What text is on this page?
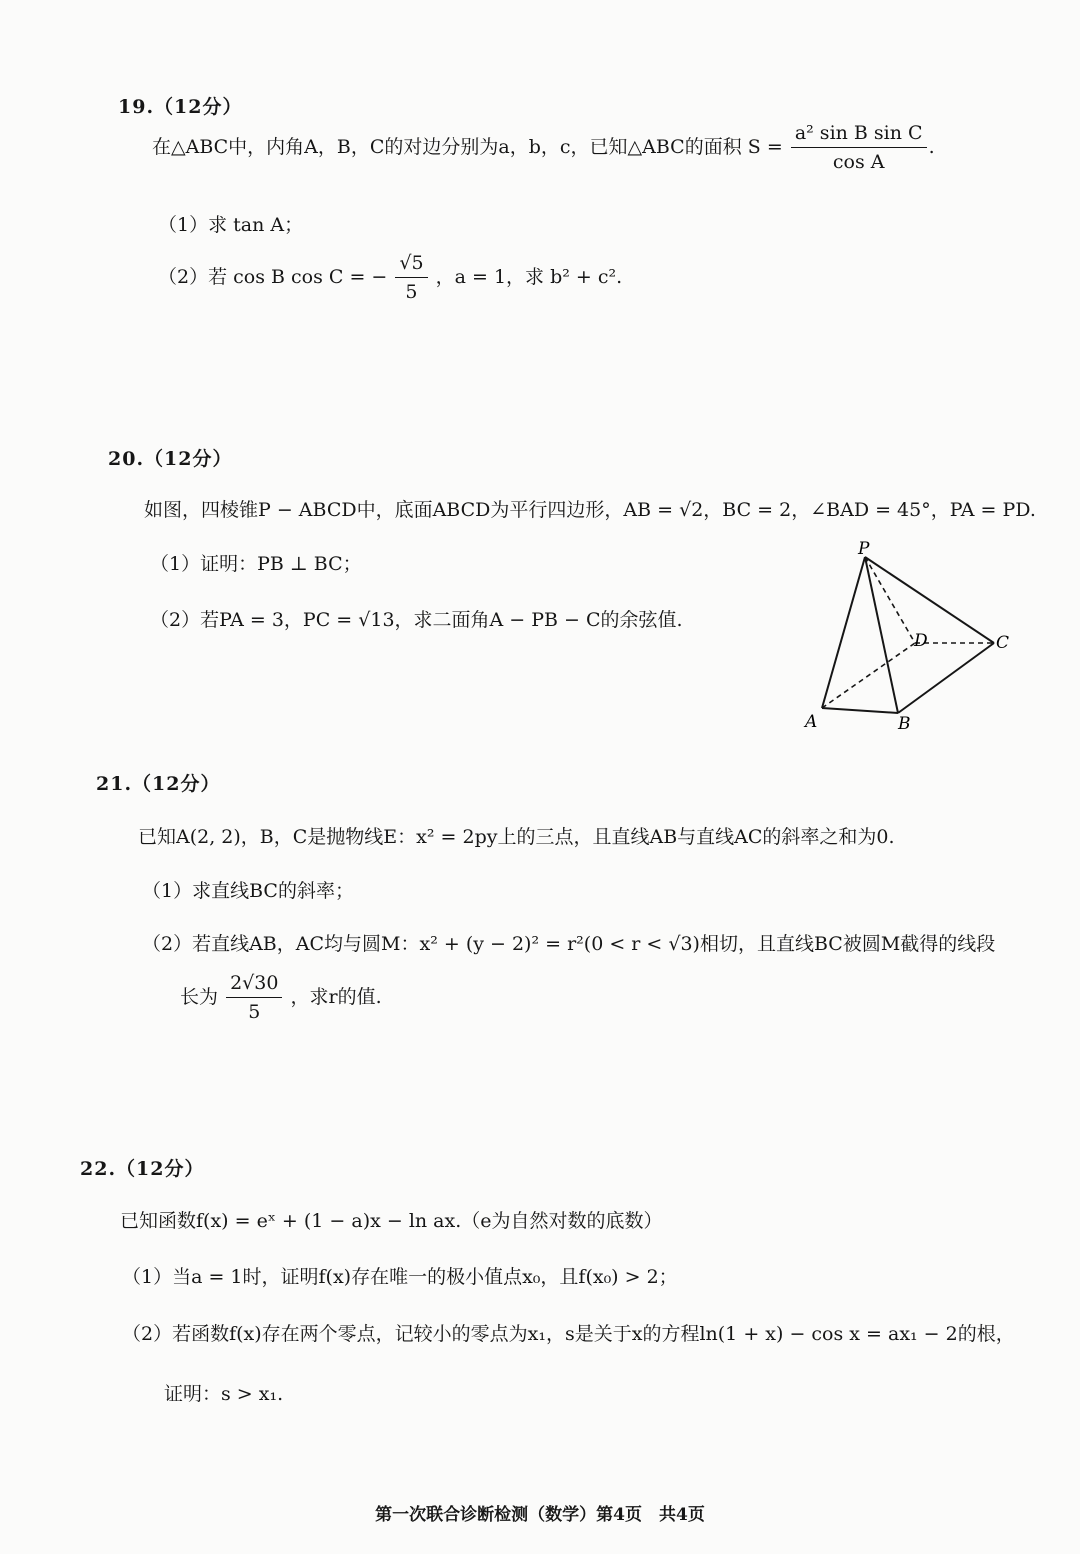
19.（12分）
在△ABC中，内角A，B，C的对边分别为a，b，c，已知△ABC的面积 $S = \frac{\text{a² sin B sin C}}{\text{cos A}}$ .
（1）求 tan A；
（2）若 cos B cos C = − $\frac{√5}{5}$ ，a = 1，求 b² + c².
20.（12分）
如图，四棱锥P − ABCD中，底面ABCD为平行四边形，AB = √2，BC = 2，∠BAD = 45°，PA = PD.
（1）证明：PB ⊥ BC；
（2）若PA = 3，PC = √13，求二面角A − PB − C的余弦值.
P
D	C
A	B
21.（12分）
已知A(2, 2)，B，C是抛物线E：x² = 2py上的三点，且直线AB与直线AC的斜率之和为0.
（1）求直线BC的斜率；
（2）若直线AB，AC均与圆M：x² + (y − 2)² = r²(0 < r < √3)相切，且直线BC被圆M截得的线段
长为 $\frac{2√30}{5}$ ，求r的值.
22.（12分）
已知函数f(x) = eˣ + (1 − a)x − ln ax.（e为自然对数的底数）
（1）当a = 1时，证明f(x)存在唯一的极小值点x₀，且f(x₀) > 2；
（2）若函数f(x)存在两个零点，记较小的零点为x₁，s是关于x的方程ln(1 + x) − cos x = ax₁ − 2的根，
证明：s > x₁.
第一次联合诊断检测（数学）第4页　共4页
